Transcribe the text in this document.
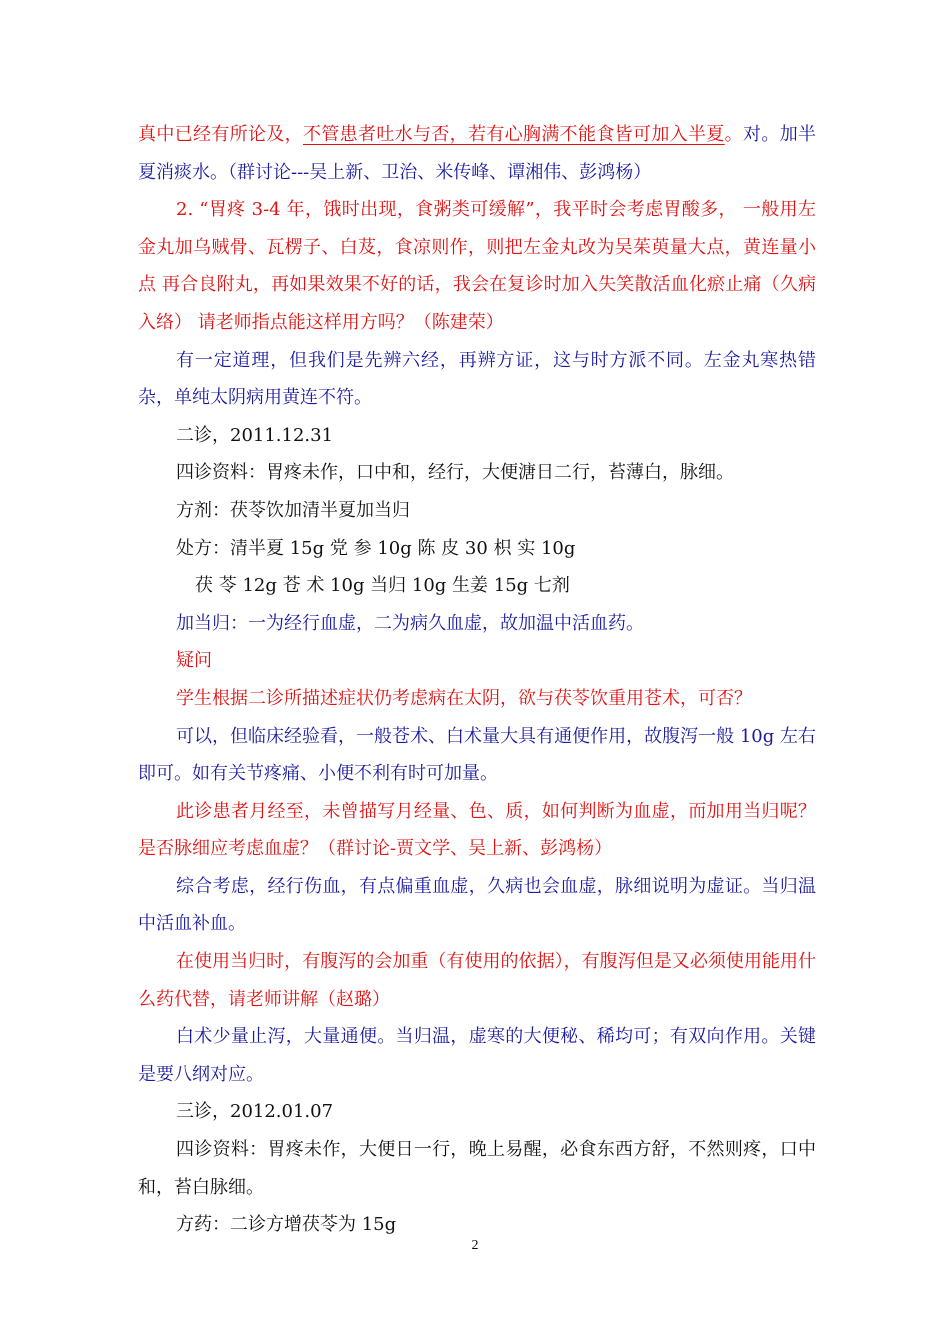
真中已经有所论及，不管患者吐水与否，若有心胸满不能食皆可加入半夏。对。加半夏消痰水。（群讨论---吴上新、卫治、米传峰、谭湘伟、彭鸿杨）

2. “胃疼 3-4 年，饿时出现，食粥类可缓解”，我平时会考虑胃酸多， 一般用左金丸加乌贼骨、瓦楞子、白芨，食凉则作，则把左金丸改为吴茱萸量大点，黄连量小点 再合良附丸，再如果效果不好的话，我会在复诊时加入失笑散活血化瘀止痛（久病入络） 请老师指点能这样用方吗？（陈建荣）

有一定道理，但我们是先辨六经，再辨方证，这与时方派不同。左金丸寒热错杂，单纯太阴病用黄连不符。

二诊，2011.12.31

四诊资料：胃疼未作，口中和，经行，大便溏日二行，苔薄白，脉细。

方剂：茯苓饮加清半夏加当归

处方：清半夏 15g 党 参 10g 陈 皮 30 枳 实 10g

茯 苓 12g 苍 术 10g 当归 10g 生姜 15g 七剂

加当归：一为经行血虚，二为病久血虚，故加温中活血药。

疑问

学生根据二诊所描述症状仍考虑病在太阴，欲与茯苓饮重用苍术，可否？

可以，但临床经验看，一般苍术、白术量大具有通便作用，故腹泻一般 10g 左右即可。如有关节疼痛、小便不利有时可加量。

此诊患者月经至，未曾描写月经量、色、质，如何判断为血虚，而加用当归呢？是否脉细应考虑血虚？（群讨论-贾文学、吴上新、彭鸿杨）

综合考虑，经行伤血，有点偏重血虚，久病也会血虚，脉细说明为虚证。当归温中活血补血。

在使用当归时，有腹泻的会加重（有使用的依据），有腹泻但是又必须使用能用什么药代替，请老师讲解（赵璐）

白术少量止泻，大量通便。当归温，虚寒的大便秘、稀均可；有双向作用。关键是要八纲对应。

三诊，2012.01.07

四诊资料：胃疼未作，大便日一行，晚上易醒，必食东西方舒，不然则疼，口中和，苔白脉细。

方药：二诊方增茯苓为 15g

2
